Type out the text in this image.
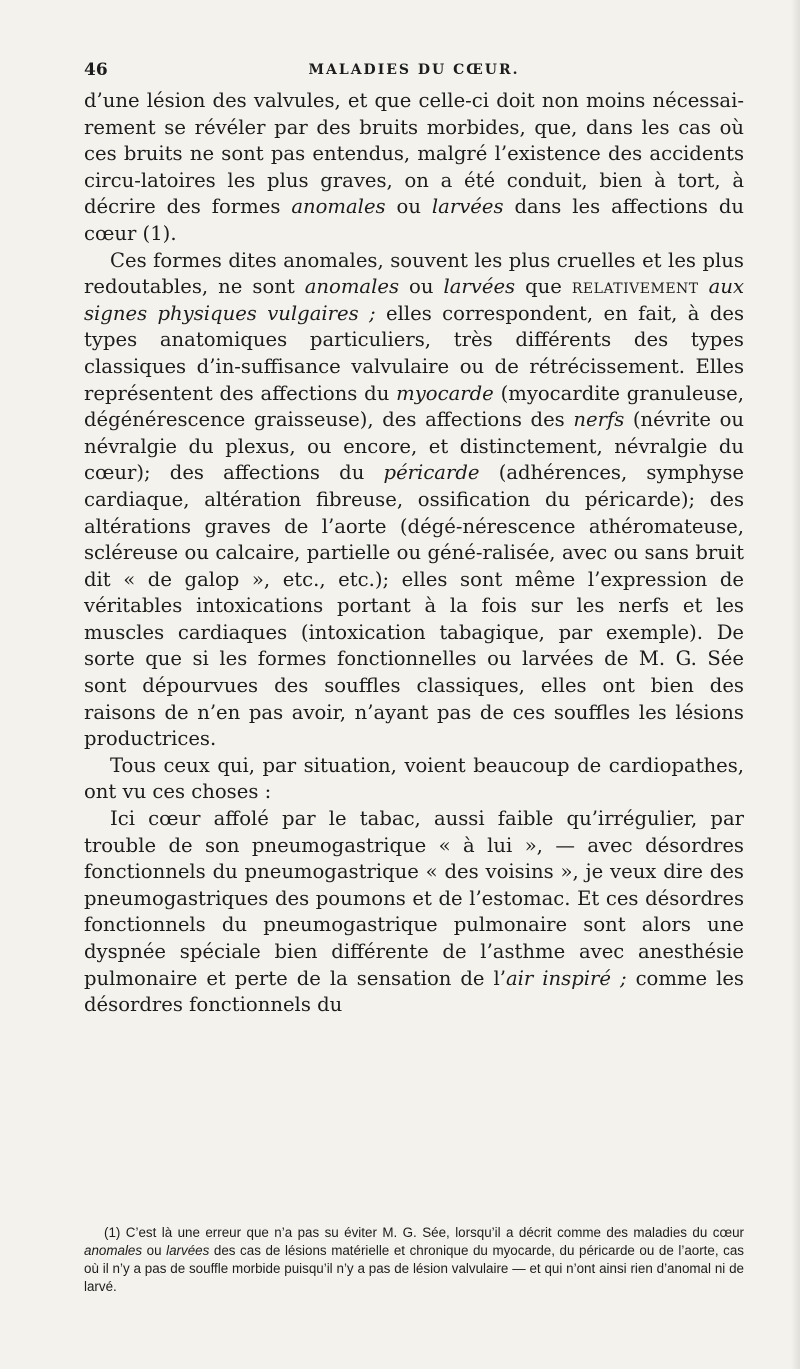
46	MALADIES DU CŒUR.

d’une lésion des valvules, et que celle-ci doit non moins nécessai-rement se révéler par des bruits morbides, que, dans les cas où ces bruits ne sont pas entendus, malgré l’existence des accidents circu-latoires les plus graves, on a été conduit, bien à tort, à décrire des formes anomales ou larvées dans les affections du cœur (1).

Ces formes dites anomales, souvent les plus cruelles et les plus redoutables, ne sont anomales ou larvées que relativement aux signes physiques vulgaires ; elles correspondent, en fait, à des types anatomiques particuliers, très différents des types classiques d’in-suffisance valvulaire ou de rétrécissement. Elles représentent des affections du myocarde (myocardite granuleuse, dégénérescence graisseuse), des affections des nerfs (névrite ou névralgie du plexus, ou encore, et distinctement, névralgie du cœur); des affections du péricarde (adhérences, symphyse cardiaque, altération fibreuse, ossification du péricarde); des altérations graves de l’aorte (dégé-nérescence athéromateuse, scléreuse ou calcaire, partielle ou géné-ralisée, avec ou sans bruit dit « de galop », etc., etc.); elles sont même l’expression de véritables intoxications portant à la fois sur les nerfs et les muscles cardiaques (intoxication tabagique, par exemple). De sorte que si les formes fonctionnelles ou larvées de M. G. Sée sont dépourvues des souffles classiques, elles ont bien des raisons de n’en pas avoir, n’ayant pas de ces souffles les lésions productrices.

Tous ceux qui, par situation, voient beaucoup de cardiopathes, ont vu ces choses :

Ici cœur affolé par le tabac, aussi faible qu’irrégulier, par trouble de son pneumogastrique « à lui », — avec désordres fonctionnels du pneumogastrique « des voisins », je veux dire des pneumogastriques des poumons et de l’estomac. Et ces désordres fonctionnels du pneumogastrique pulmonaire sont alors une dyspnée spéciale bien différente de l’asthme avec anesthésie pulmonaire et perte de la sensation de l’air inspiré ; comme les désordres fonctionnels du

(1) C’est là une erreur que n’a pas su éviter M. G. Sée, lorsqu’il a décrit comme des maladies du cœur anomales ou larvées des cas de lésions matérielle et chronique du myocarde, du péricarde ou de l’aorte, cas où il n’y a pas de souffle morbide puisqu’il n’y a pas de lésion valvulaire — et qui n’ont ainsi rien d’anomal ni de larvé.
